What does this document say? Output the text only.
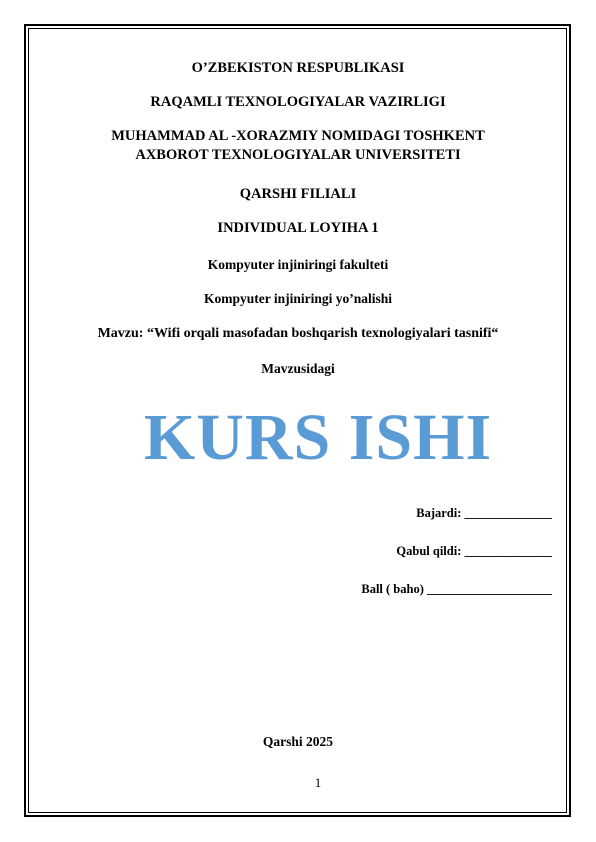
O’ZBEKISTON RESPUBLIKASI
RAQAMLI TEXNOLOGIYALAR VAZIRLIGI
MUHAMMAD AL -XORAZMIY NOMIDAGI TOSHKENT
AXBOROT TEXNOLOGIYALAR UNIVERSITETI
QARSHI FILIALI
INDIVIDUAL LOYIHA 1
Kompyuter injiniringi fakulteti
Kompyuter injiniringi yo’nalishi
Mavzu: “Wifi orqali masofadan boshqarish texnologiyalari tasnifi“
Mavzusidagi
KURS ISHI
Bajardi: ______________
Qabul qildi: ______________
Ball ( baho) ____________________
Qarshi 2025
1
